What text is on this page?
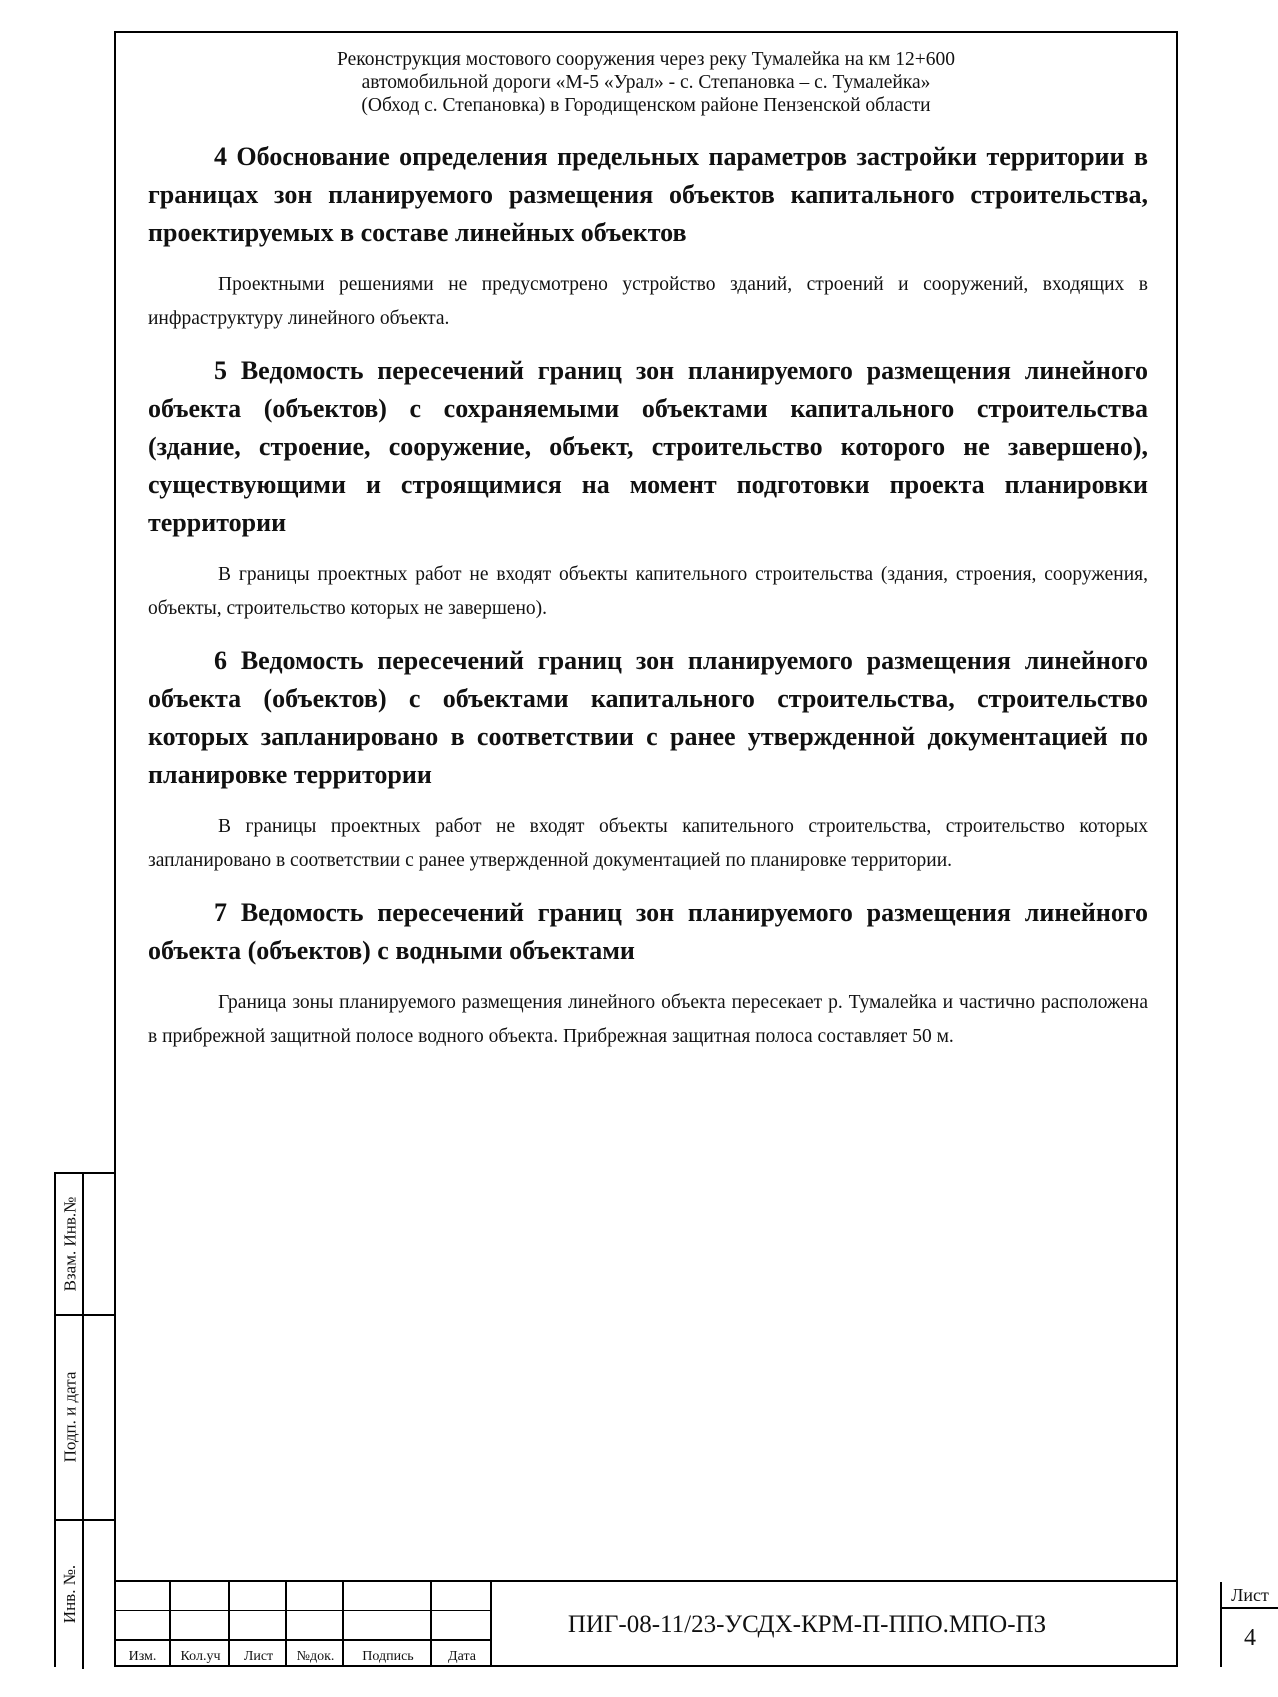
Реконструкция мостового сооружения через реку Тумалейка на км 12+600
автомобильной дороги «М-5 «Урал» - с. Степановка – с. Тумалейка»
(Обход с. Степановка) в Городищенском районе Пензенской области
4 Обоснование определения предельных параметров застройки территории в границах зон планируемого размещения объектов капитального строительства, проектируемых в составе линейных объектов
Проектными решениями не предусмотрено устройство зданий, строений и сооружений, входящих в инфраструктуру линейного объекта.
5 Ведомость пересечений границ зон планируемого размещения линейного объекта (объектов) с сохраняемыми объектами капитального строительства (здание, строение, сооружение, объект, строительство которого не завершено), существующими и строящимися на момент подготовки проекта планировки территории
В границы проектных работ не входят объекты капительного строительства (здания, строения, сооружения, объекты, строительство которых не завершено).
6 Ведомость пересечений границ зон планируемого размещения линейного объекта (объектов) с объектами капитального строительства, строительство которых запланировано в соответствии с ранее утвержденной документацией по планировке территории
В границы проектных работ не входят объекты капительного строительства, строительство которых запланировано в соответствии с ранее утвержденной документацией по планировке территории.
7 Ведомость пересечений границ зон планируемого размещения линейного объекта (объектов) с водными объектами
Граница зоны планируемого размещения линейного объекта пересекает р. Тумалейка и частично расположена в прибрежной защитной полосе водного объекта. Прибрежная защитная полоса составляет 50 м.
Взам. Инв.№
Подп. и дата
Инв. №.
Изм.	Кол.уч	Лист	№док.	Подпись	Дата
ПИГ-08-11/23-УСДХ-КРМ-П-ППО.МПО-ПЗ
Лист
4
